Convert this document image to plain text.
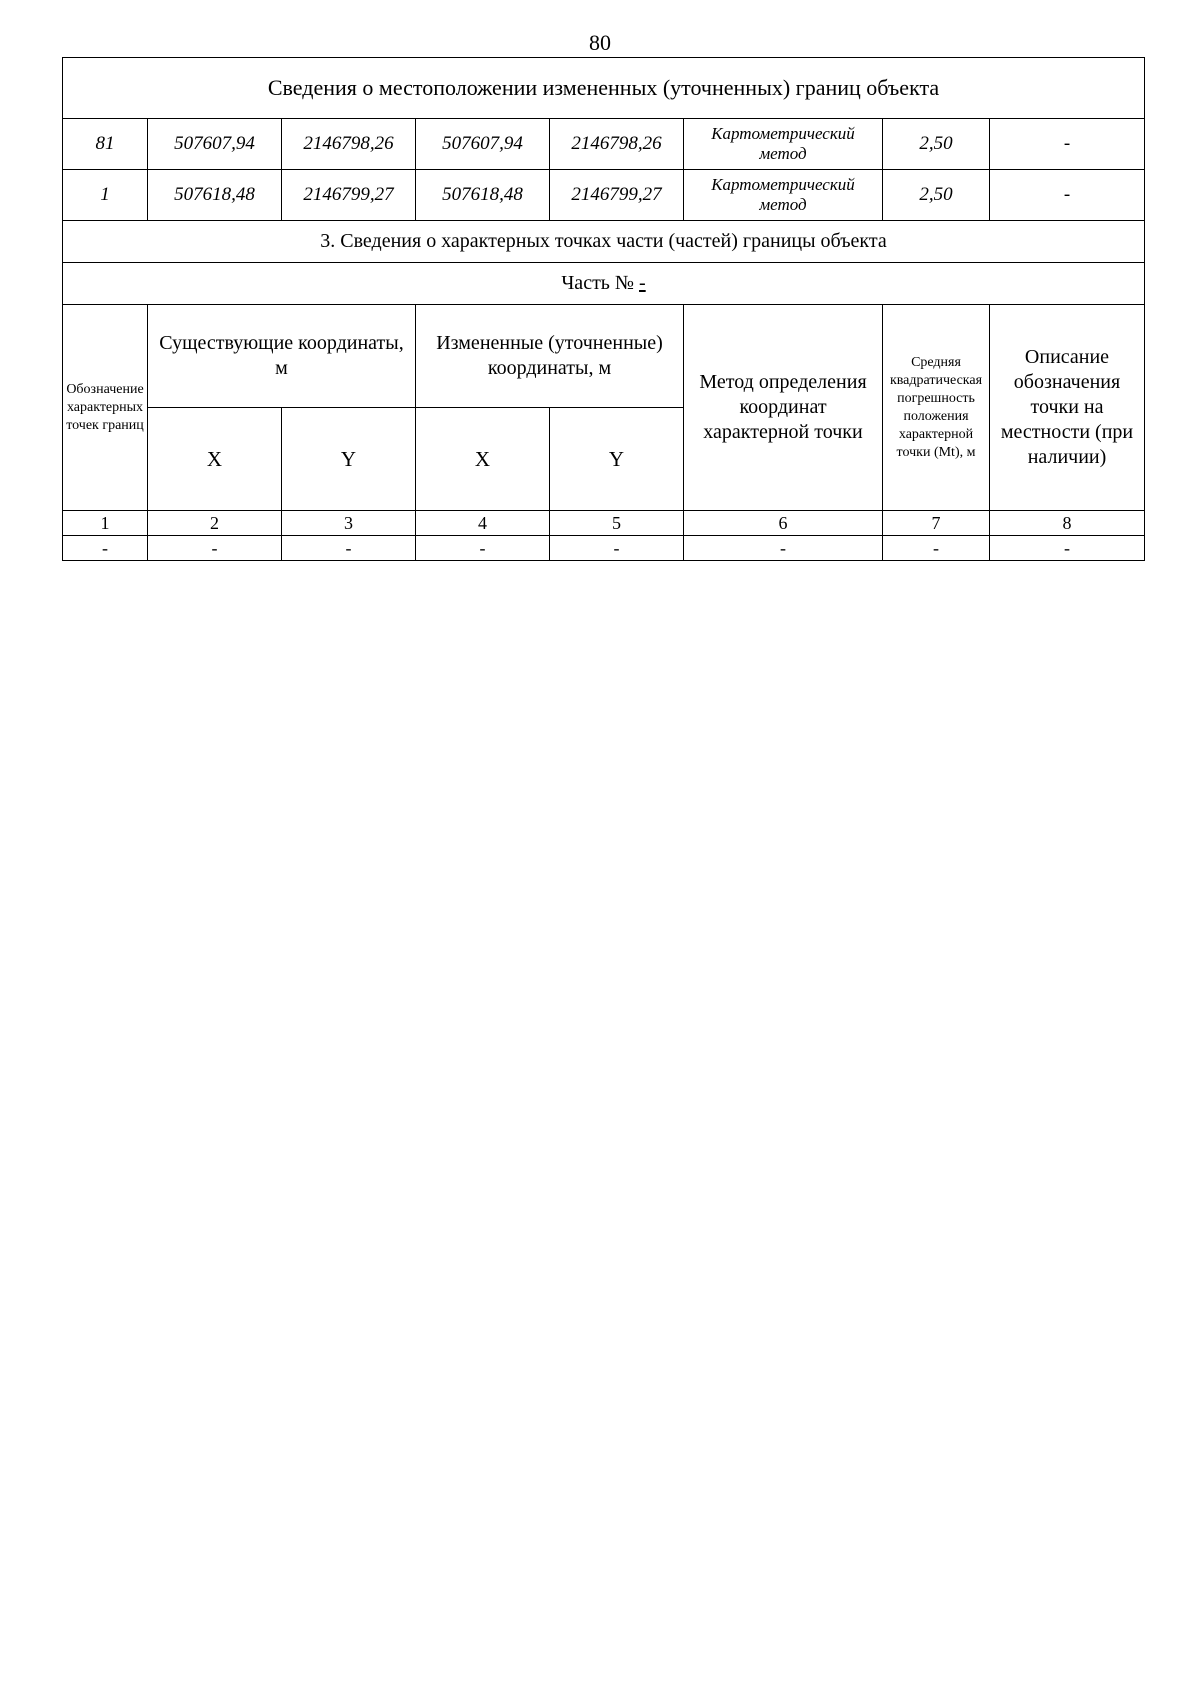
80
Сведения о местоположении измененных (уточненных) границ объекта							
81	507607,94	2146798,26	507607,94	2146798,26	Картометрический метод	2,50	-
1	507618,48	2146799,27	507618,48	2146799,27	Картометрический метод	2,50	-
3. Сведения о характерных точках части (частей) границы объекта							
Часть № -							
Обозначение характерных точек границ	Существующие координаты, м		Измененные (уточненные) координаты, м		Метод определения координат характерной точки	Средняя квадратическая погрешность положения характерной точки (Mt), м	Описание обозначения точки на местности (при наличии)
	X	Y	X	Y			
1	2	3	4	5	6	7	8
-	-	-	-	-	-	-	-
